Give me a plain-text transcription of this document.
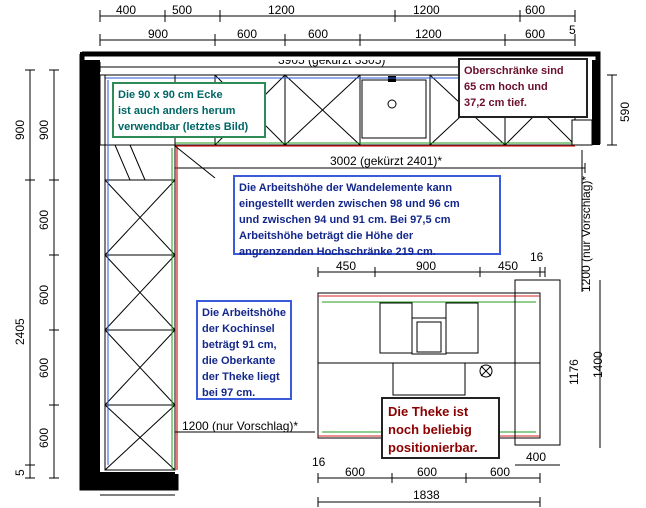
400	500	1200	1200	600
900	600	600	1200	600 5
3002 (gekürzt 2401)*
900
2405
5
900
600
600
600
600
590
590
1200 (nur Vorschlag)*
1200 (nur Vorschlag)*
450	900	450
16
1176 1400
16
600	600	600
400
1838
Die 90 x 90 cm Ecke
ist auch anders herum
verwendbar (letztes Bild)
Oberschränke sind
65 cm hoch und
37,2 cm tief.
Die Arbeitshöhe der Wandelemente kann
eingestellt werden zwischen 98 und 96 cm
und zwischen 94 und 91 cm. Bei 97,5 cm
Arbeitshöhe beträgt die Höhe der
angrenzenden Hochschränke 219 cm.
Die Arbeitshöhe
der Kochinsel
beträgt 91 cm,
die Oberkante
der Theke liegt
bei 97 cm.
Die Theke ist
noch beliebig
positionierbar.
